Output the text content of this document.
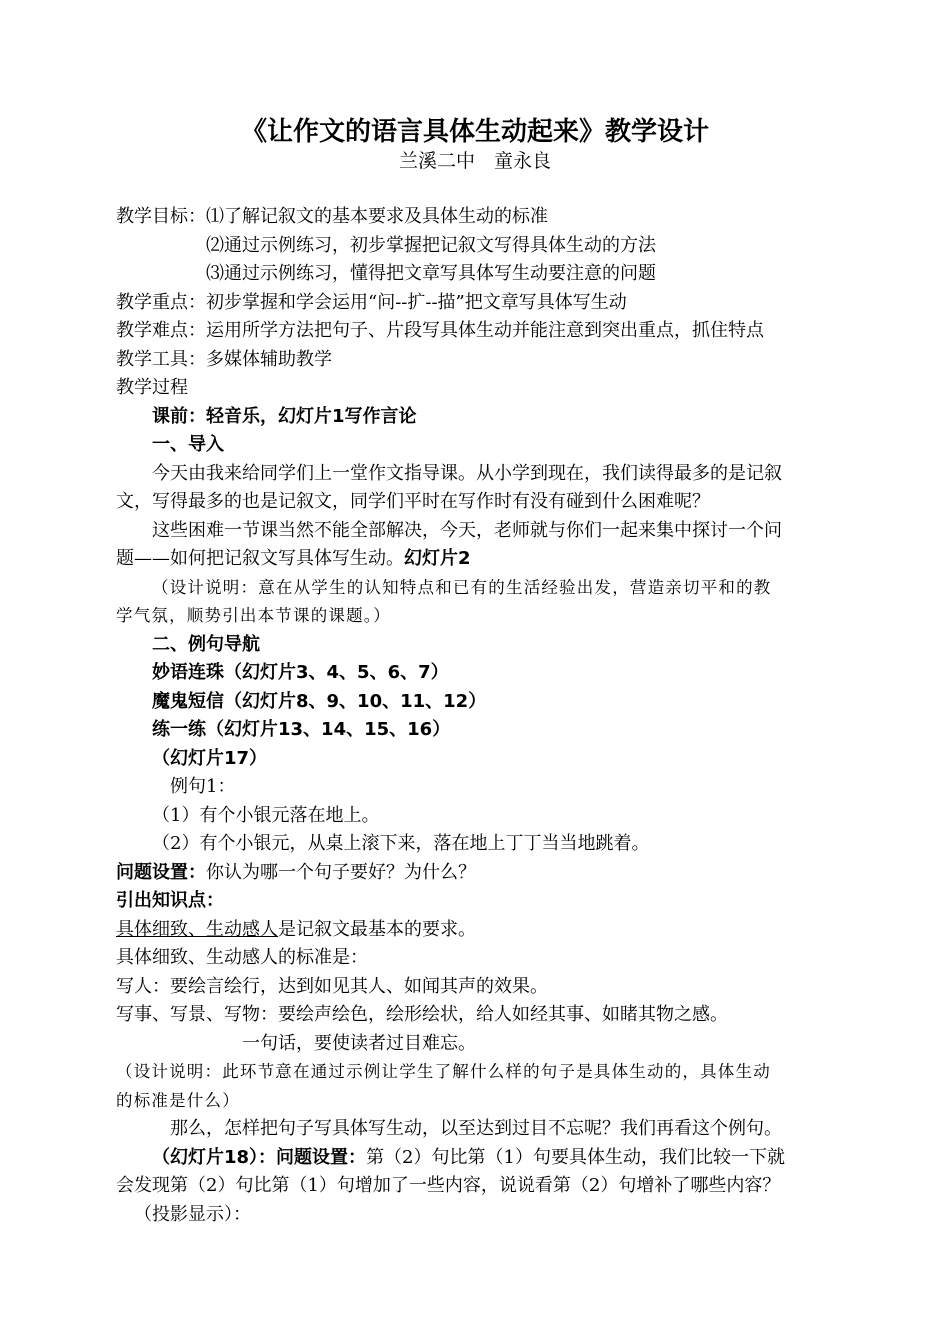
《让作文的语言具体生动起来》教学设计
兰溪二中　童永良
教学目标： ⑴了解记叙文的基本要求及具体生动的标准
⑵通过示例练习，初步掌握把记叙文写得具体生动的方法
⑶通过示例练习，懂得把文章写具体写生动要注意的问题
教学重点：初步掌握和学会运用“问--扩--描”把文章写具体写生动
教学难点：运用所学方法把句子、片段写具体生动并能注意到突出重点，抓住特点
教学工具：多媒体辅助教学
教学过程
课前：轻音乐，幻灯片1写作言论
一、导入
今天由我来给同学们上一堂作文指导课。从小学到现在，我们读得最多的是记叙
文，写得最多的也是记叙文，同学们平时在写作时有没有碰到什么困难呢？
这些困难一节课当然不能全部解决，今天，老师就与你们一起来集中探讨一个问
题——如何把记叙文写具体写生动。幻灯片2
（设计说明：意在从学生的认知特点和已有的生活经验出发，营造亲切平和的教
学气氛，顺势引出本节课的课题。）
二、例句导航
妙语连珠（幻灯片3、4、5、6、7）
魔鬼短信（幻灯片8、9、10、11、12）
练一练（幻灯片13、14、15、16）
（幻灯片17）
例句1：
（1）有个小银元落在地上。
（2）有个小银元，从桌上滚下来，落在地上丁丁当当地跳着。
问题设置：你认为哪一个句子要好？为什么？
引出知识点：
具体细致、生动感人是记叙文最基本的要求。
具体细致、生动感人的标准是：
写人：要绘言绘行，达到如见其人、如闻其声的效果。
写事、写景、写物：要绘声绘色，绘形绘状，给人如经其事、如睹其物之感。
一句话，要使读者过目难忘。
（设计说明：此环节意在通过示例让学生了解什么样的句子是具体生动的，具体生动
的标准是什么）
那么，怎样把句子写具体写生动，以至达到过目不忘呢？我们再看这个例句。
（幻灯片18）：问题设置：第（2）句比第（1）句要具体生动，我们比较一下就
会发现第（2）句比第（1）句增加了一些内容，说说看第（2）句增补了哪些内容？
（投影显示）：
